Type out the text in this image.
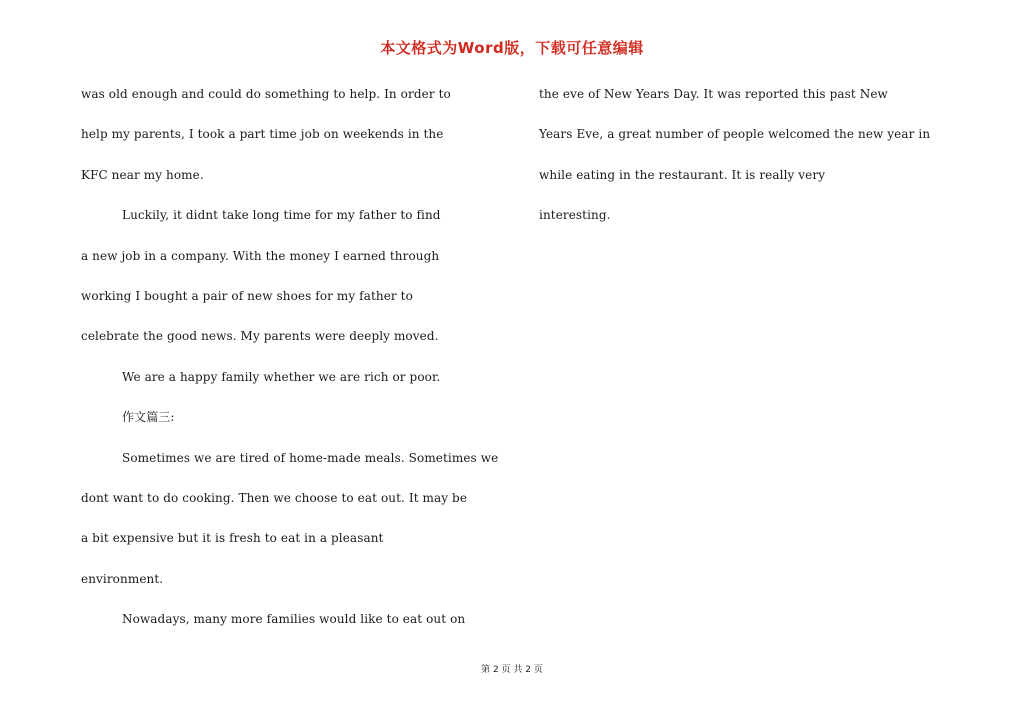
本文格式为Word版，下载可任意编辑
was old enough and could do something to help. In order to
help my parents, I took a part time job on weekends in the
KFC near my home.
Luckily, it didnt take long time for my father to find
a new job in a company. With the money I earned through
working I bought a pair of new shoes for my father to
celebrate the good news. My parents were deeply moved.
We are a happy family whether we are rich or poor.
作文篇三:
Sometimes we are tired of home-made meals. Sometimes we
dont want to do cooking. Then we choose to eat out. It may be
a bit expensive but it is fresh to eat in a pleasant
environment.
Nowadays, many more families would like to eat out on
the eve of New Years Day. It was reported this past New
Years Eve, a great number of people welcomed the new year in
while eating in the restaurant. It is really very
interesting.
第 2 页 共 2 页
